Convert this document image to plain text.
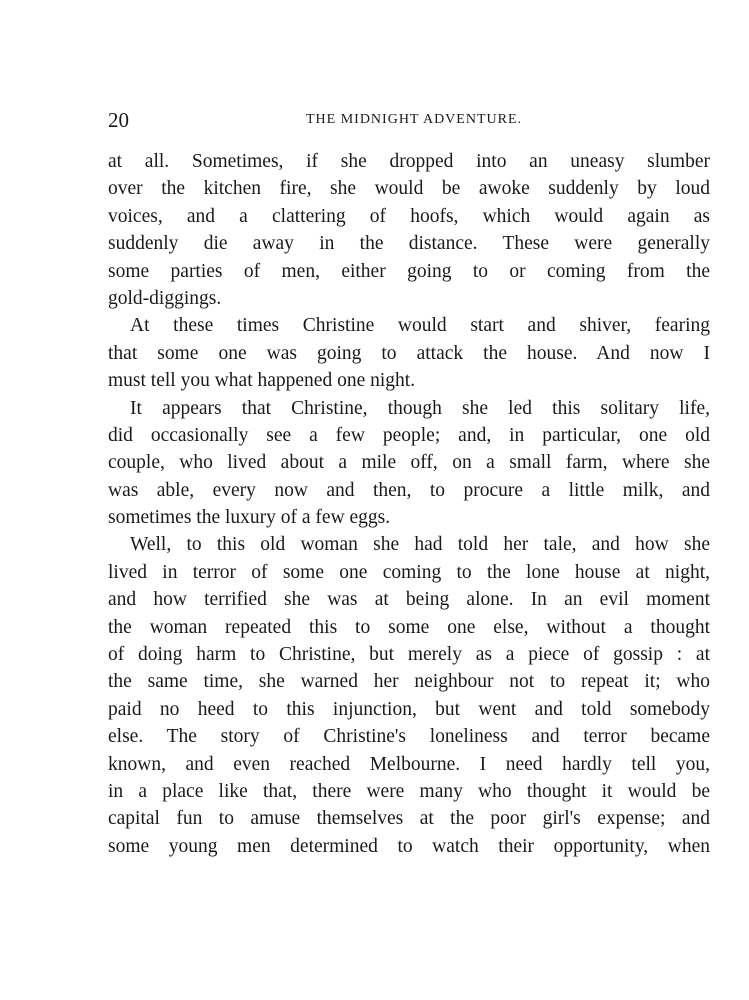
20	THE MIDNIGHT ADVENTURE.
at all. Sometimes, if she dropped into an uneasy slumber
over the kitchen fire, she would be awoke suddenly by loud
voices, and a clattering of hoofs, which would again as
suddenly die away in the distance. These were generally
some parties of men, either going to or coming from the
gold-diggings.
At these times Christine would start and shiver, fearing
that some one was going to attack the house. And now I
must tell you what happened one night.
It appears that Christine, though she led this solitary life,
did occasionally see a few people; and, in particular, one old
couple, who lived about a mile off, on a small farm, where she
was able, every now and then, to procure a little milk, and
sometimes the luxury of a few eggs.
Well, to this old woman she had told her tale, and how she
lived in terror of some one coming to the lone house at night,
and how terrified she was at being alone. In an evil moment
the woman repeated this to some one else, without a thought
of doing harm to Christine, but merely as a piece of gossip : at
the same time, she warned her neighbour not to repeat it; who
paid no heed to this injunction, but went and told somebody
else. The story of Christine's loneliness and terror became
known, and even reached Melbourne. I need hardly tell you,
in a place like that, there were many who thought it would be
capital fun to amuse themselves at the poor girl's expense; and
some young men determined to watch their opportunity, when
